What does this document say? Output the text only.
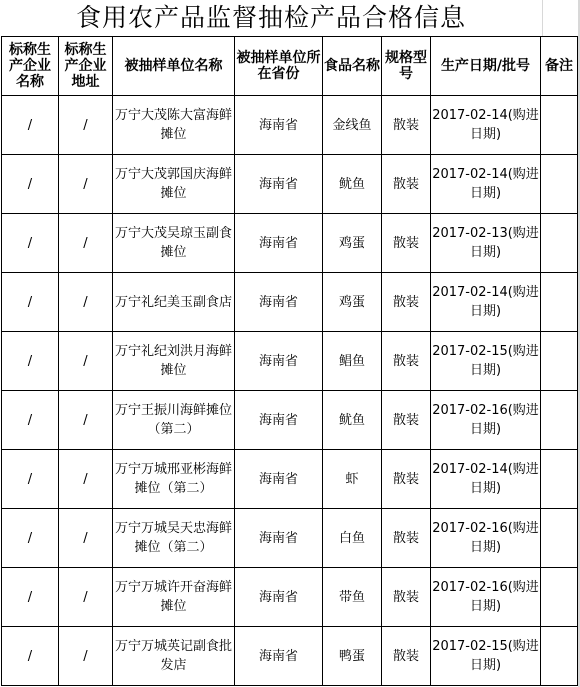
食用农产品监督抽检产品合格信息
标称生产企业名称	标称生产企业地址	被抽样单位名称	被抽样单位所在省份	食品名称	规格型号	生产日期/批号	备注
/	/	万宁大茂陈大富海鲜摊位	海南省	金线鱼	散装	2017-02-14(购进日期)	
/	/	万宁大茂郭国庆海鲜摊位	海南省	鱿鱼	散装	2017-02-14(购进日期)	
/	/	万宁大茂吴琼玉副食摊位	海南省	鸡蛋	散装	2017-02-13(购进日期)	
/	/	万宁礼纪美玉副食店	海南省	鸡蛋	散装	2017-02-14(购进日期)	
/	/	万宁礼纪刘洪月海鲜摊位	海南省	鲳鱼	散装	2017-02-15(购进日期)	
/	/	万宁王振川海鲜摊位（第二）	海南省	鱿鱼	散装	2017-02-16(购进日期)	
/	/	万宁万城邢亚彬海鲜摊位（第二）	海南省	虾	散装	2017-02-14(购进日期)	
/	/	万宁万城吴天忠海鲜摊位（第二）	海南省	白鱼	散装	2017-02-16(购进日期)	
/	/	万宁万城许开奋海鲜摊位	海南省	带鱼	散装	2017-02-16(购进日期)	
/	/	万宁万城英记副食批发店	海南省	鸭蛋	散装	2017-02-15(购进日期)	
